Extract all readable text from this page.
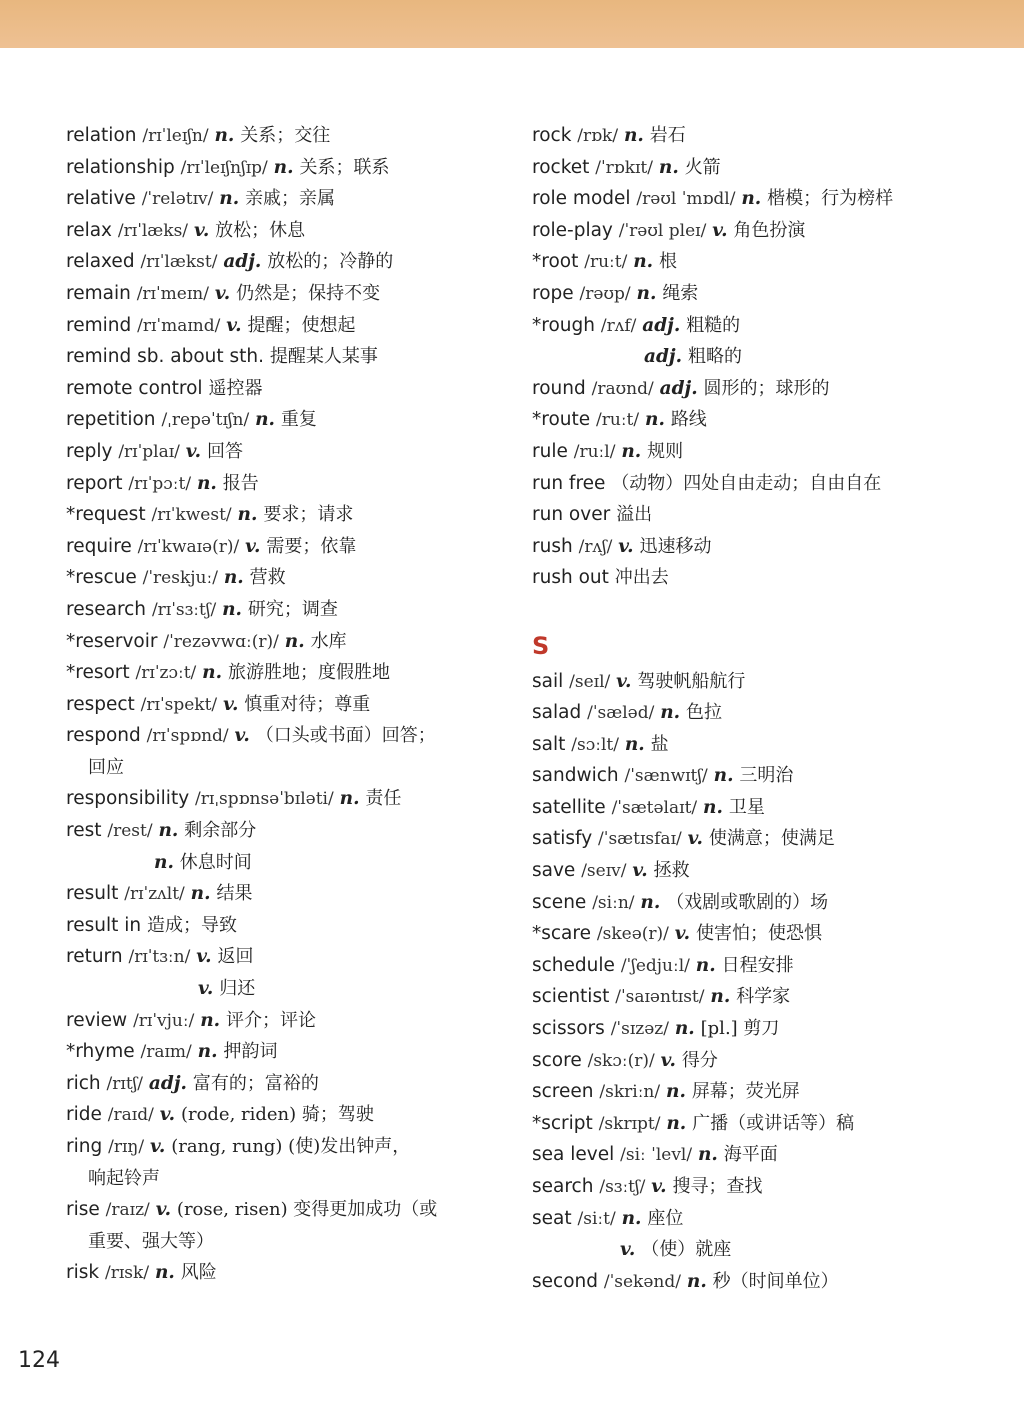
relation /rɪˈleɪʃn/ n. 关系；交往
relationship /rɪˈleɪʃnʃɪp/ n. 关系；联系
relative /ˈrelətɪv/ n. 亲戚；亲属
relax /rɪˈlæks/ v. 放松；休息
relaxed /rɪˈlækst/ adj. 放松的；冷静的
remain /rɪˈmeɪn/ v. 仍然是；保持不变
remind /rɪˈmaɪnd/ v. 提醒；使想起
remind sb. about sth. 提醒某人某事
remote control 遥控器
repetition /ˌrepəˈtɪʃn/ n. 重复
reply /rɪˈplaɪ/ v. 回答
report /rɪˈpɔːt/ n. 报告
*request /rɪˈkwest/ n. 要求；请求
require /rɪˈkwaɪə(r)/ v. 需要；依靠
*rescue /ˈreskjuː/ n. 营救
research /rɪˈsɜːtʃ/ n. 研究；调查
*reservoir /ˈrezəvwɑː(r)/ n. 水库
*resort /rɪˈzɔːt/ n. 旅游胜地；度假胜地
respect /rɪˈspekt/ v. 慎重对待；尊重
respond /rɪˈspɒnd/ v. （口头或书面）回答；
回应
responsibility /rɪˌspɒnsəˈbɪləti/ n. 责任
rest /rest/ n. 剩余部分
n. 休息时间
result /rɪˈzʌlt/ n. 结果
result in 造成；导致
return /rɪˈtɜːn/ v. 返回
v. 归还
review /rɪˈvjuː/ n. 评介；评论
*rhyme /raɪm/ n. 押韵词
rich /rɪtʃ/ adj. 富有的；富裕的
ride /raɪd/ v. (rode, riden) 骑；驾驶
ring /rɪŋ/ v. (rang, rung) (使)发出钟声，
响起铃声
rise /raɪz/ v. (rose, risen) 变得更加成功（或
重要、强大等）
risk /rɪsk/ n. 风险
rock /rɒk/ n. 岩石
rocket /ˈrɒkɪt/ n. 火箭
role model /rəʊl ˈmɒdl/ n. 楷模；行为榜样
role-play /ˈrəʊl pleɪ/ v. 角色扮演
*root /ruːt/ n. 根
rope /rəʊp/ n. 绳索
*rough /rʌf/ adj. 粗糙的
adj. 粗略的
round /raʊnd/ adj. 圆形的；球形的
*route /ruːt/ n. 路线
rule /ruːl/ n. 规则
run free （动物）四处自由走动；自由自在
run over 溢出
rush /rʌʃ/ v. 迅速移动
rush out 冲出去
S
sail /seɪl/ v. 驾驶帆船航行
salad /ˈsæləd/ n. 色拉
salt /sɔːlt/ n. 盐
sandwich /ˈsænwɪtʃ/ n. 三明治
satellite /ˈsætəlaɪt/ n. 卫星
satisfy /ˈsætɪsfaɪ/ v. 使满意；使满足
save /seɪv/ v. 拯救
scene /siːn/ n. （戏剧或歌剧的）场
*scare /skeə(r)/ v. 使害怕；使恐惧
schedule /ˈʃedjuːl/ n. 日程安排
scientist /ˈsaɪəntɪst/ n. 科学家
scissors /ˈsɪzəz/ n. [pl.] 剪刀
score /skɔː(r)/ v. 得分
screen /skriːn/ n. 屏幕；荧光屏
*script /skrɪpt/ n. 广播（或讲话等）稿
sea level /siː ˈlevl/ n. 海平面
search /sɜːtʃ/ v. 搜寻；查找
seat /siːt/ n. 座位
v. （使）就座
second /ˈsekənd/ n. 秒（时间单位）
124
